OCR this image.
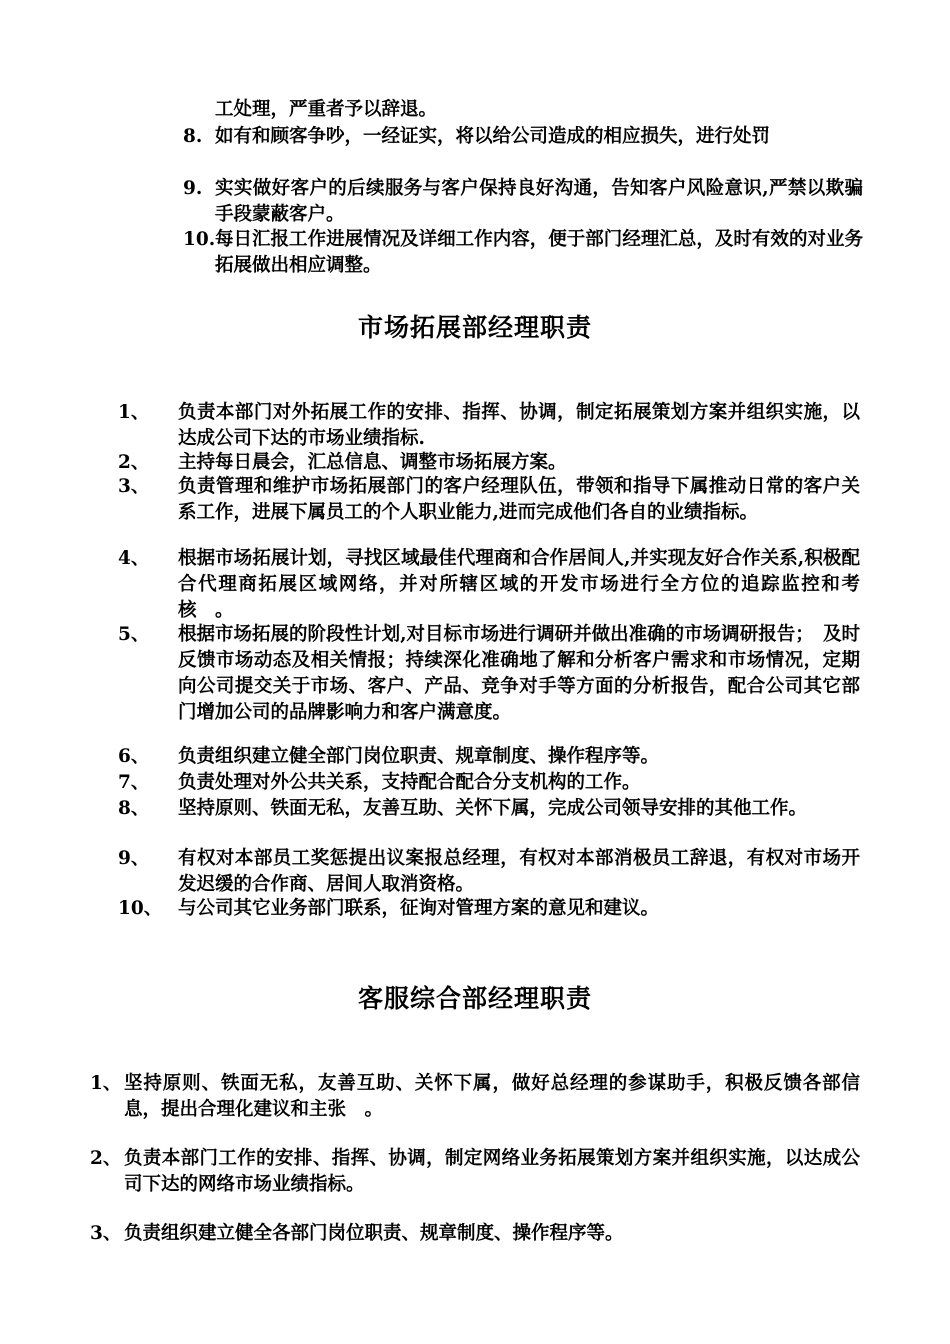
工处理，严重者予以辞退。
8. 如有和顾客争吵，一经证实，将以给公司造成的相应损失，进行处罚
9. 实实做好客户的后续服务与客户保持良好沟通，告知客户风险意识,严禁以欺骗手段蒙蔽客户。
10. 每日汇报工作进展情况及详细工作内容，便于部门经理汇总，及时有效的对业务拓展做出相应调整。
市场拓展部经理职责
1、 负责本部门对外拓展工作的安排、指挥、协调，制定拓展策划方案并组织实施，以达成公司下达的市场业绩指标.
2、 主持每日晨会，汇总信息、调整市场拓展方案。
3、 负责管理和维护市场拓展部门的客户经理队伍，带领和指导下属推动日常的客户关系工作，进展下属员工的个人职业能力,进而完成他们各自的业绩指标。
4、 根据市场拓展计划，寻找区域最佳代理商和合作居间人,并实现友好合作关系,积极配合代理商拓展区域网络，并对所辖区域的开发市场进行全方位的追踪监控和考核　。
5、 根据市场拓展的阶段性计划,对目标市场进行调研并做出准确的市场调研报告；　及时反馈市场动态及相关情报；持续深化准确地了解和分析客户需求和市场情况，定期向公司提交关于市场、客户、产品、竞争对手等方面的分析报告，配合公司其它部门增加公司的品牌影响力和客户满意度。
6、 负责组织建立健全部门岗位职责、规章制度、操作程序等。
7、 负责处理对外公共关系，支持配合配合分支机构的工作。
8、 坚持原则、铁面无私，友善互助、关怀下属，完成公司领导安排的其他工作。
9、 有权对本部员工奖惩提出议案报总经理，有权对本部消极员工辞退，有权对市场开发迟缓的合作商、居间人取消资格。
10、 与公司其它业务部门联系，征询对管理方案的意见和建议。
客服综合部经理职责
1、 坚持原则、铁面无私，友善互助、关怀下属，做好总经理的参谋助手，积极反馈各部信息，提出合理化建议和主张　。
2、 负责本部门工作的安排、指挥、协调，制定网络业务拓展策划方案并组织实施，以达成公司下达的网络市场业绩指标。
3、 负责组织建立健全各部门岗位职责、规章制度、操作程序等。
